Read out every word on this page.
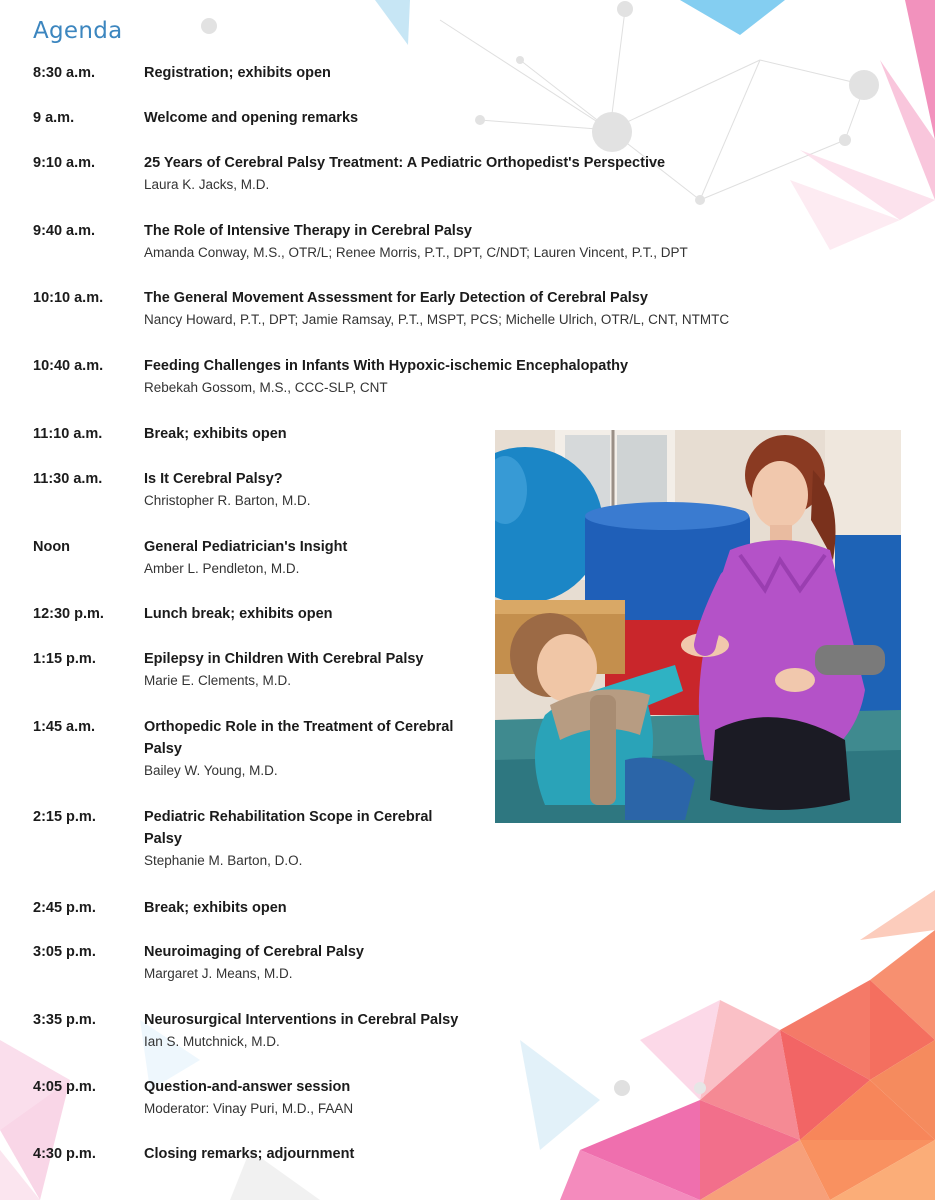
Agenda
8:30 a.m.	Registration; exhibits open
9 a.m.	Welcome and opening remarks
9:10 a.m.	25 Years of Cerebral Palsy Treatment: A Pediatric Orthopedist's Perspective
Laura K. Jacks, M.D.
9:40 a.m.	The Role of Intensive Therapy in Cerebral Palsy
Amanda Conway, M.S., OTR/L; Renee Morris, P.T., DPT, C/NDT; Lauren Vincent, P.T., DPT
10:10 a.m.	The General Movement Assessment for Early Detection of Cerebral Palsy
Nancy Howard, P.T., DPT; Jamie Ramsay, P.T., MSPT, PCS; Michelle Ulrich, OTR/L, CNT, NTMTC
10:40 a.m.	Feeding Challenges in Infants With Hypoxic-ischemic Encephalopathy
Rebekah Gossom, M.S., CCC-SLP, CNT
11:10 a.m.	Break; exhibits open
11:30 a.m.	Is It Cerebral Palsy?
Christopher R. Barton, M.D.
Noon	General Pediatrician's Insight
Amber L. Pendleton, M.D.
12:30 p.m.	Lunch break; exhibits open
1:15 p.m.	Epilepsy in Children With Cerebral Palsy
Marie E. Clements, M.D.
1:45 a.m.	Orthopedic Role in the Treatment of Cerebral Palsy
Bailey W. Young, M.D.
2:15 p.m.	Pediatric Rehabilitation Scope in Cerebral Palsy
Stephanie M. Barton, D.O.
2:45 p.m.	Break; exhibits open
3:05 p.m.	Neuroimaging of Cerebral Palsy
Margaret J. Means, M.D.
3:35 p.m.	Neurosurgical Interventions in Cerebral Palsy
Ian S. Mutchnick, M.D.
4:05 p.m.	Question-and-answer session
Moderator: Vinay Puri, M.D., FAAN
4:30 p.m.	Closing remarks; adjournment
